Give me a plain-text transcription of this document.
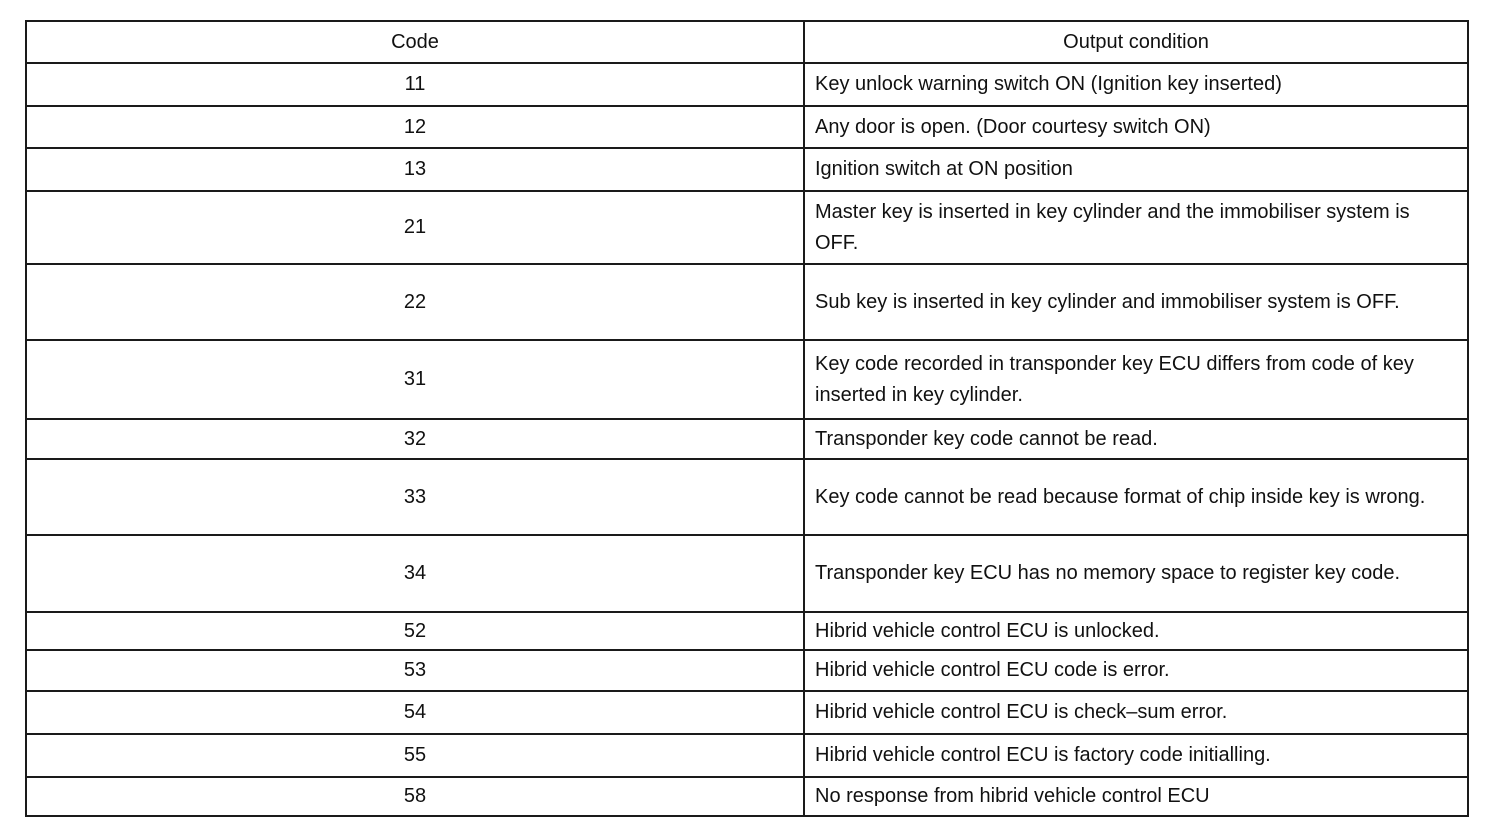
Code	Output condition
11	Key unlock warning switch ON (Ignition key inserted)
12	Any door is open. (Door courtesy switch ON)
13	Ignition switch at ON position
21	Master key is inserted in key cylinder and the immobiliser system is OFF.
22	Sub key is inserted in key cylinder and immobiliser system is OFF.
31	Key code recorded in transponder key ECU differs from code of key inserted in key cylinder.
32	Transponder key code cannot be read.
33	Key code cannot be read because format of chip inside key is wrong.
34	Transponder key ECU has no memory space to register key code.
52	Hibrid vehicle control ECU is unlocked.
53	Hibrid vehicle control ECU code is error.
54	Hibrid vehicle control ECU is check–sum error.
55	Hibrid vehicle control ECU is factory code initialling.
58	No response from hibrid vehicle control ECU
